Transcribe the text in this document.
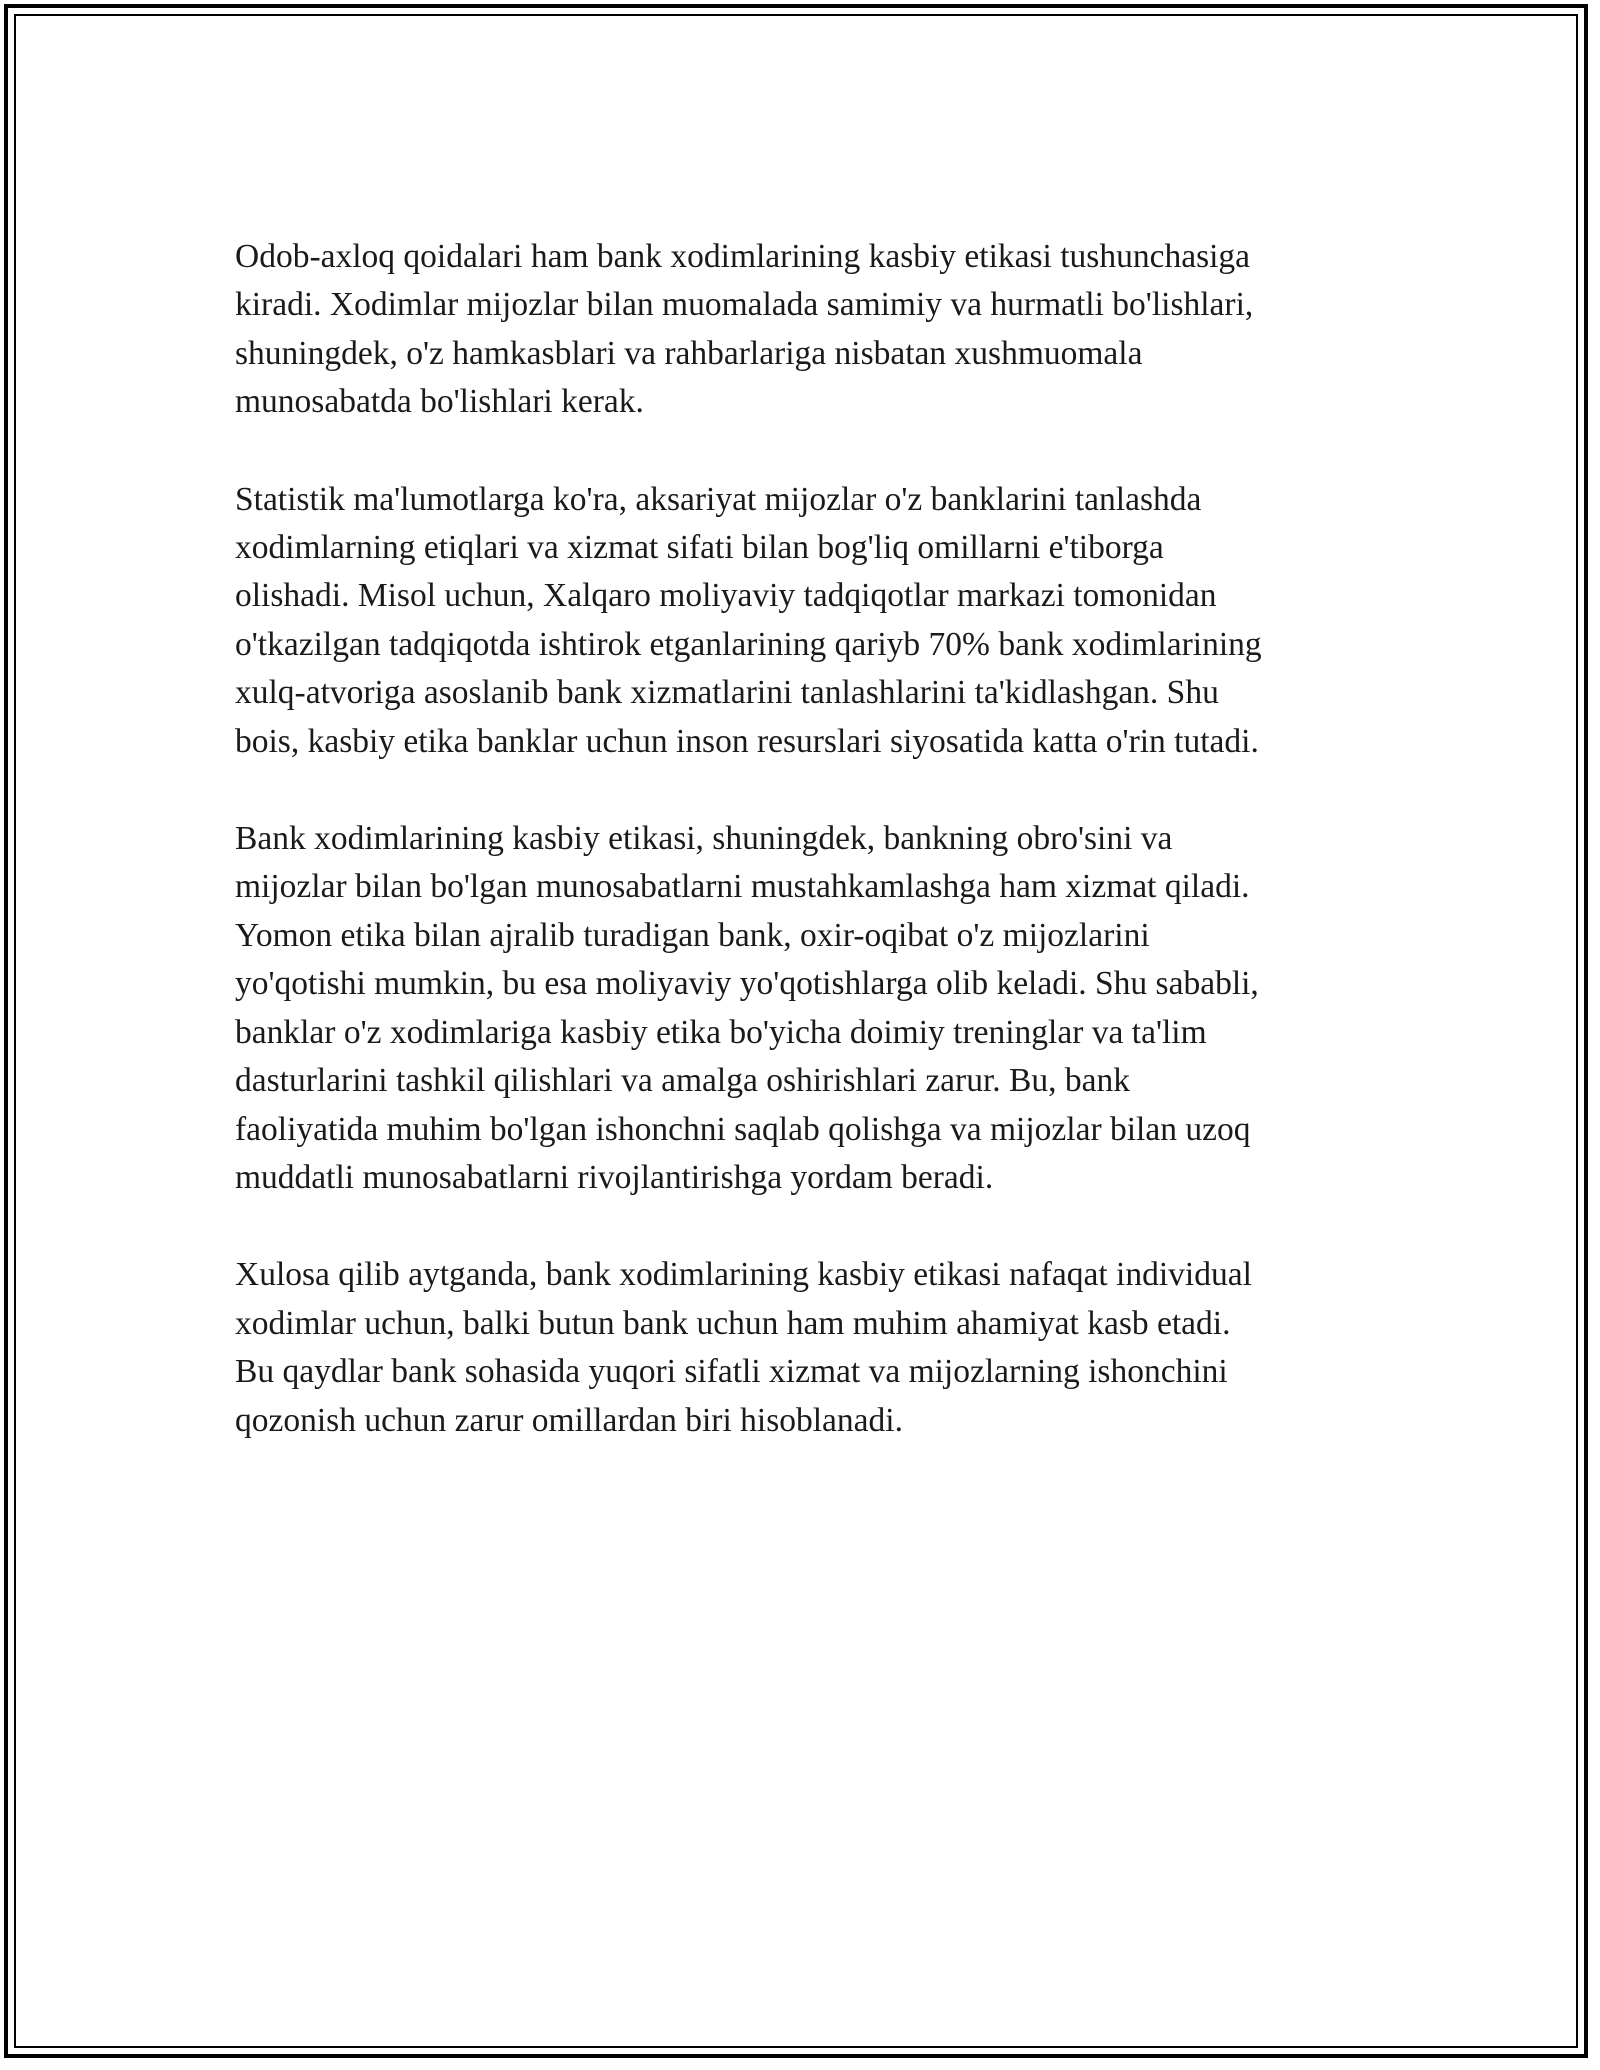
Odob-axloq qoidalari ham bank xodimlarining kasbiy etikasi tushunchasiga
kiradi. Xodimlar mijozlar bilan muomalada samimiy va hurmatli bo'lishlari,
shuningdek, o'z hamkasblari va rahbarlariga nisbatan xushmuomala
munosabatda bo'lishlari kerak.

Statistik ma'lumotlarga ko'ra, aksariyat mijozlar o'z banklarini tanlashda
xodimlarning etiqlari va xizmat sifati bilan bog'liq omillarni e'tiborga
olishadi. Misol uchun, Xalqaro moliyaviy tadqiqotlar markazi tomonidan
o'tkazilgan tadqiqotda ishtirok etganlarining qariyb 70% bank xodimlarining
xulq-atvoriga asoslanib bank xizmatlarini tanlashlarini ta'kidlashgan. Shu
bois, kasbiy etika banklar uchun inson resurslari siyosatida katta o'rin tutadi.

Bank xodimlarining kasbiy etikasi, shuningdek, bankning obro'sini va
mijozlar bilan bo'lgan munosabatlarni mustahkamlashga ham xizmat qiladi.
Yomon etika bilan ajralib turadigan bank, oxir-oqibat o'z mijozlarini
yo'qotishi mumkin, bu esa moliyaviy yo'qotishlarga olib keladi. Shu sababli,
banklar o'z xodimlariga kasbiy etika bo'yicha doimiy treninglar va ta'lim
dasturlarini tashkil qilishlari va amalga oshirishlari zarur. Bu, bank
faoliyatida muhim bo'lgan ishonchni saqlab qolishga va mijozlar bilan uzoq
muddatli munosabatlarni rivojlantirishga yordam beradi.

Xulosa qilib aytganda, bank xodimlarining kasbiy etikasi nafaqat individual
xodimlar uchun, balki butun bank uchun ham muhim ahamiyat kasb etadi.
Bu qaydlar bank sohasida yuqori sifatli xizmat va mijozlarning ishonchini
qozonish uchun zarur omillardan biri hisoblanadi.
